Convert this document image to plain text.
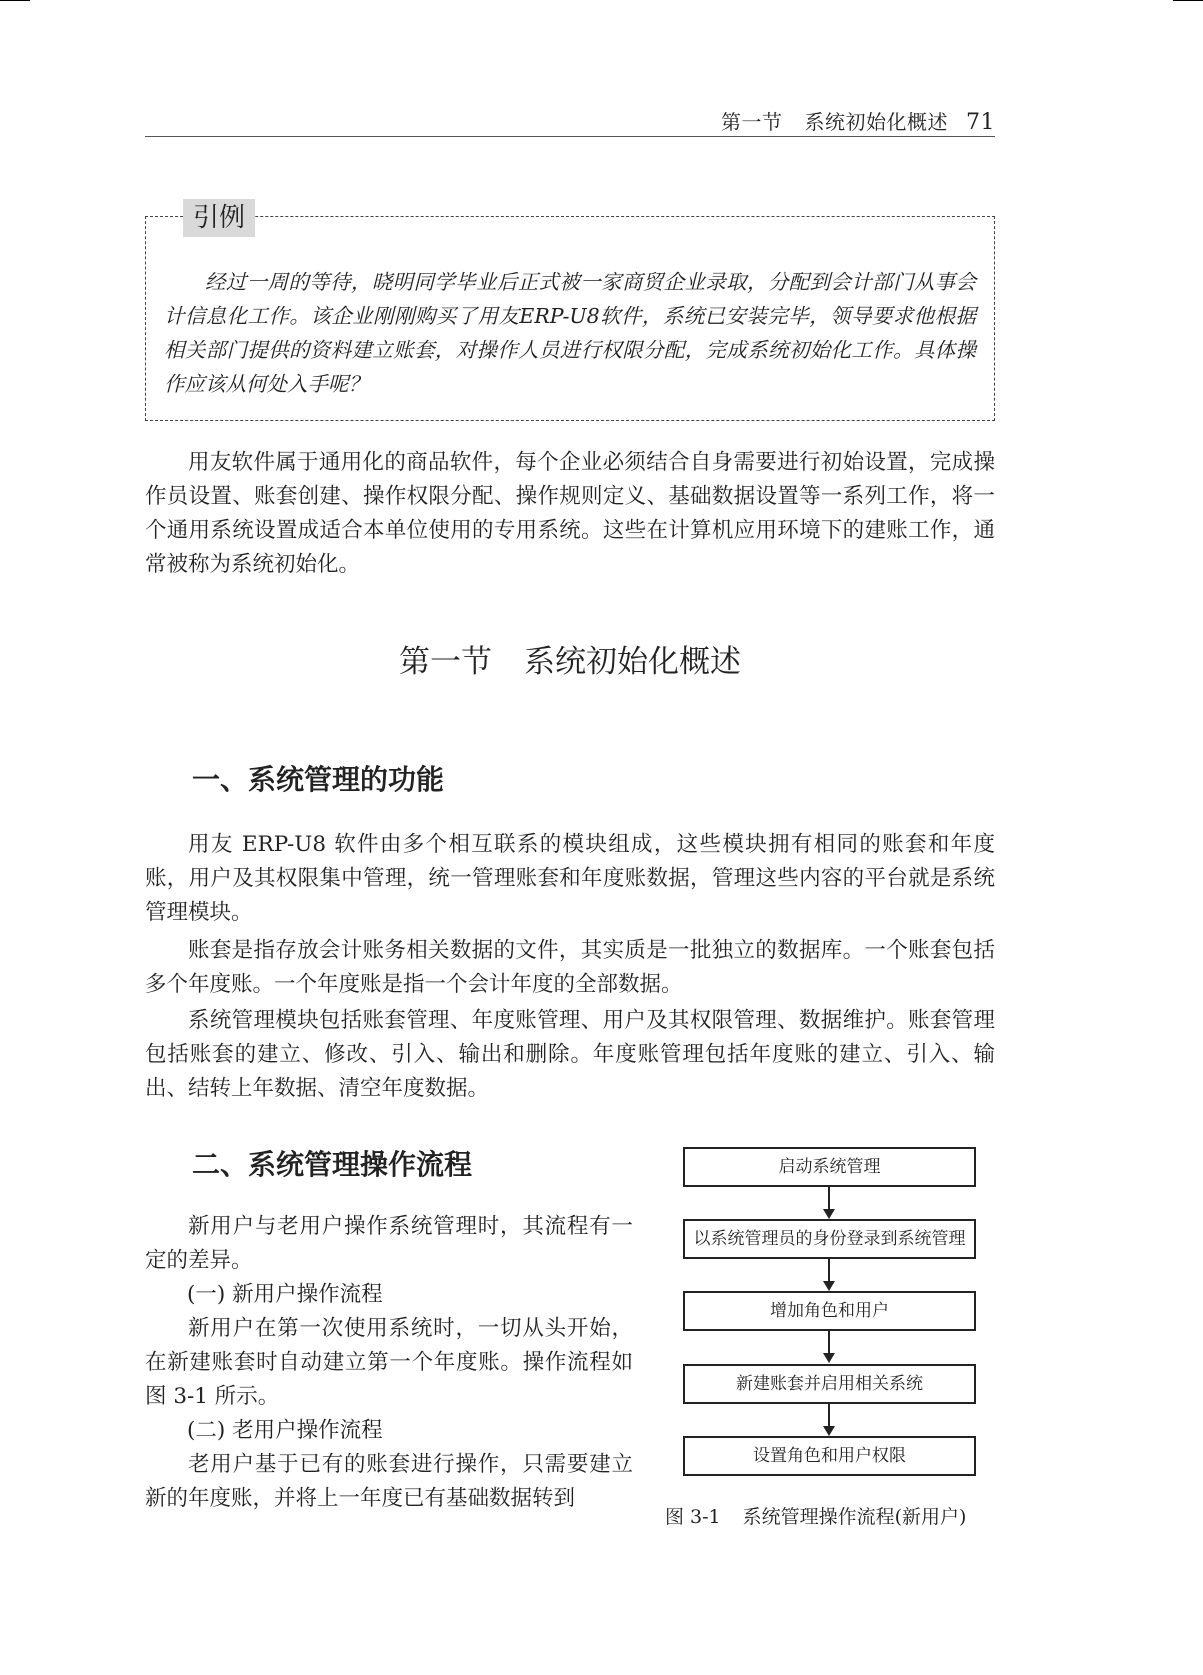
第一节 系统初始化概述 71
引例
经过一周的等待，晓明同学毕业后正式被一家商贸企业录取，分配到会计部门从事会计信息化工作。该企业刚刚购买了用友ERP-U8软件，系统已安装完毕，领导要求他根据相关部门提供的资料建立账套，对操作人员进行权限分配，完成系统初始化工作。具体操作应该从何处入手呢？
用友软件属于通用化的商品软件，每个企业必须结合自身需要进行初始设置，完成操作员设置、账套创建、操作权限分配、操作规则定义、基础数据设置等一系列工作，将一个通用系统设置成适合本单位使用的专用系统。这些在计算机应用环境下的建账工作，通常被称为系统初始化。
第一节 系统初始化概述
一、系统管理的功能
用友 ERP-U8 软件由多个相互联系的模块组成，这些模块拥有相同的账套和年度账，用户及其权限集中管理，统一管理账套和年度账数据，管理这些内容的平台就是系统管理模块。
账套是指存放会计账务相关数据的文件，其实质是一批独立的数据库。一个账套包括多个年度账。一个年度账是指一个会计年度的全部数据。
系统管理模块包括账套管理、年度账管理、用户及其权限管理、数据维护。账套管理包括账套的建立、修改、引入、输出和删除。年度账管理包括年度账的建立、引入、输出、结转上年数据、清空年度数据。
二、系统管理操作流程

新用户与老用户操作系统管理时，其流程有一定的差异。

(一) 新用户操作流程

新用户在第一次使用系统时，一切从头开始，在新建账套时自动建立第一个年度账。操作流程如图 3-1 所示。

(二) 老用户操作流程

老用户基于已有的账套进行操作，只需要建立新的年度账，并将上一年度已有基础数据转到

启动系统管理
以系统管理员的身份登录到系统管理
增加角色和用户
新建账套并启用相关系统
设置角色和用户权限
图 3-1 系统管理操作流程(新用户)
